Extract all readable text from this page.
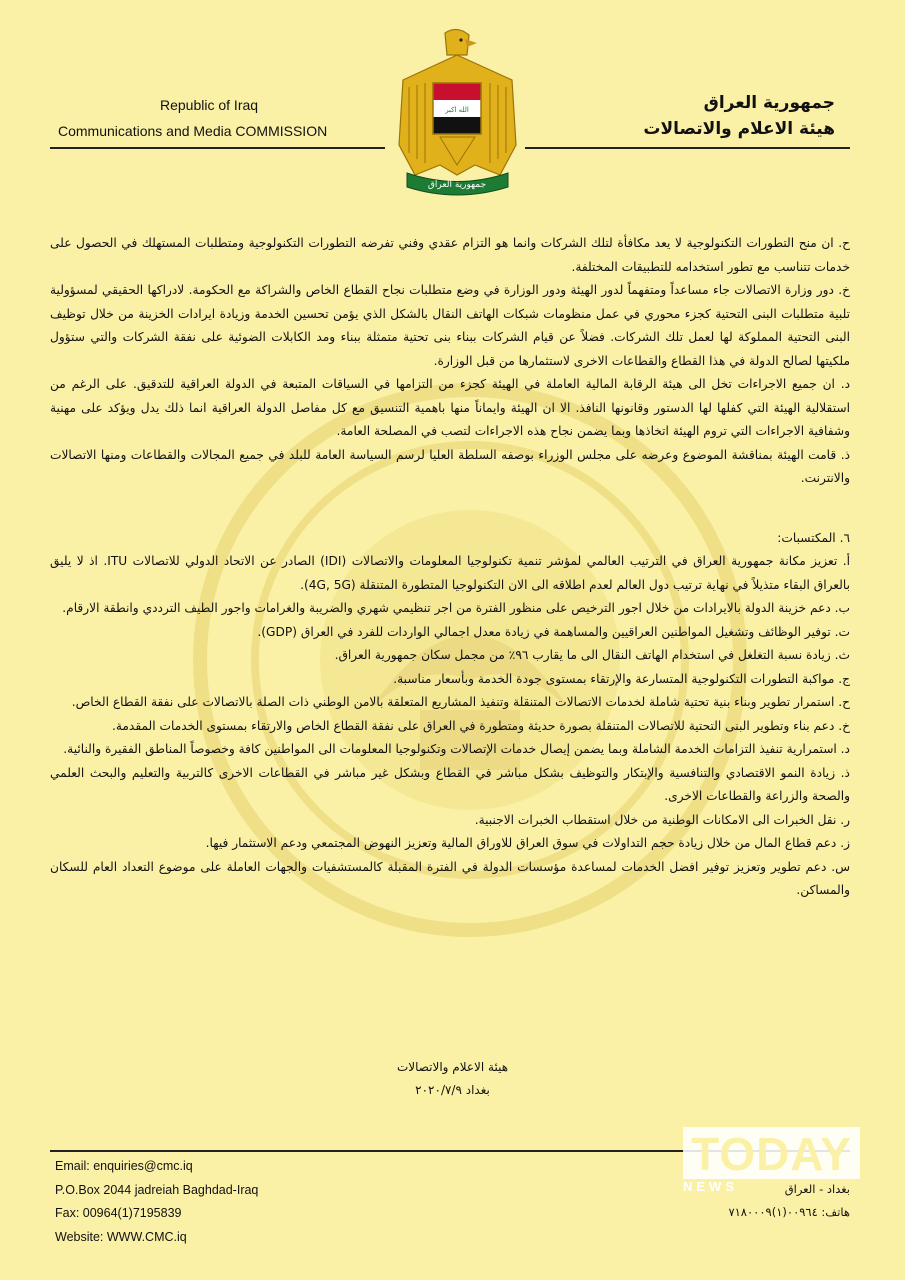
Republic of Iraq
Communications and Media COMMISSION
جمهورية العراق
هيئة الاعلام والاتصالات
الله اكبر
جمهورية العراق

ح. ان منح التطورات التكنولوجية لا يعد مكافأة لتلك الشركات وانما هو التزام عقدي وفني تفرضه التطورات التكنولوجية ومتطلبات المستهلك في الحصول على خدمات تتناسب مع تطور استخدامه للتطبيقات المختلفة.

خ. دور وزارة الاتصالات جاء مساعداً ومتفهماً لدور الهيئة ودور الوزارة في وضع متطلبات نجاح القطاع الخاص والشراكة مع الحكومة. لادراكها الحقيقي لمسؤولية تلبية متطلبات البنى التحتية كجزء محوري في عمل منظومات شبكات الهاتف النقال بالشكل الذي يؤمن تحسين الخدمة وزيادة ايرادات الخزينة من خلال توظيف البنى التحتية المملوكة لها لعمل تلك الشركات. فضلاً عن قيام الشركات ببناء بنى تحتية متمثلة ببناء ومد الكابلات الضوئية على نفقة الشركات والتي ستؤول ملكيتها لصالح الدولة في هذا القطاع والقطاعات الاخرى لاستثمارها من قبل الوزارة.

د. ان جميع الاجراءات تخل الى هيئة الرقابة المالية العاملة في الهيئة كجزء من التزامها في السياقات المتبعة في الدولة العراقية للتدقيق. على الرغم من استقلالية الهيئة التي كفلها لها الدستور وقانونها النافذ. الا ان الهيئة وايماناً منها باهمية التنسيق مع كل مفاصل الدولة العراقية انما ذلك يدل ويؤكد على مهنية وشفافية الاجراءات التي تروم الهيئة اتخاذها وبما يضمن نجاح هذه الاجراءات لتصب في المصلحة العامة.

ذ. قامت الهيئة بمناقشة الموضوع وعرضه على مجلس الوزراء بوصفه السلطة العليا لرسم السياسة العامة للبلد في جميع المجالات والقطاعات ومنها الاتصالات والانترنت.

٦. المكتسبات:

أ. تعزيز مكانة جمهورية العراق في الترتيب العالمي لمؤشر تنمية تكنولوجيا المعلومات والاتصالات (IDI) الصادر عن الاتحاد الدولي للاتصالات ITU. اذ لا يليق بالعراق البقاء متذيلاً في نهاية ترتيب دول العالم لعدم اطلاقه الى الان التكنولوجيا المتطورة المتنقلة (4G, 5G).

ب. دعم خزينة الدولة بالايرادات من خلال اجور الترخيص على منظور الفترة من اجر تنظيمي شهري والضريبة والغرامات واجور الطيف الترددي وانطقة الارقام.

ت. توفير الوظائف وتشغيل المواطنين العراقيين والمساهمة في زيادة معدل اجمالي الواردات للفرد في العراق (GDP).

ث. زيادة نسبة التغلغل في استخدام الهاتف النقال الى ما يقارب ٩٦٪ من مجمل سكان جمهورية العراق.

ج. مواكبة التطورات التكنولوجية المتسارعة والإرتقاء بمستوى جودة الخدمة وبأسعار مناسبة.

ح. استمرار تطوير وبناء بنية تحتية شاملة لخدمات الاتصالات المتنقلة وتنفيذ المشاريع المتعلقة بالامن الوطني ذات الصلة بالاتصالات على نفقة القطاع الخاص.

خ. دعم بناء وتطوير البنى التحتية للاتصالات المتنقلة بصورة حديثة ومتطورة في العراق على نفقة القطاع الخاص والارتقاء بمستوى الخدمات المقدمة.

د. استمرارية تنفيذ التزامات الخدمة الشاملة وبما يضمن إيصال خدمات الإتصالات وتكنولوجيا المعلومات الى المواطنين كافة وخصوصاً المناطق الفقيرة والنائية.

ذ. زيادة النمو الاقتصادي والتنافسية والإبتكار والتوظيف بشكل مباشر في القطاع وبشكل غير مباشر في القطاعات الاخرى كالتربية والتعليم والبحث العلمي والصحة والزراعة والقطاعات الاخرى.

ر. نقل الخبرات الى الامكانات الوطنية من خلال استقطاب الخبرات الاجنبية.

ز. دعم قطاع المال من خلال زيادة حجم التداولات في سوق العراق للاوراق المالية وتعزيز النهوض المجتمعي ودعم الاستثمار فيها.

س. دعم تطوير وتعزيز توفير افضل الخدمات لمساعدة مؤسسات الدولة في الفترة المقبلة كالمستشفيات والجهات العاملة على موضوع التعداد العام للسكان والمساكن.

هيئة الاعلام والاتصالات
بغداد ٢٠٢٠/٧/٩
Email: enquiries@cmc.iq
P.O.Box 2044 jadreiah Baghdad-Iraq
Fax: 00964(1)7195839
Website: WWW.CMC.iq
بغداد - العراق
هاتف: ٠٠٩٦٤(١)٧١٨٠٠٠٩
TODAY
NEWS
